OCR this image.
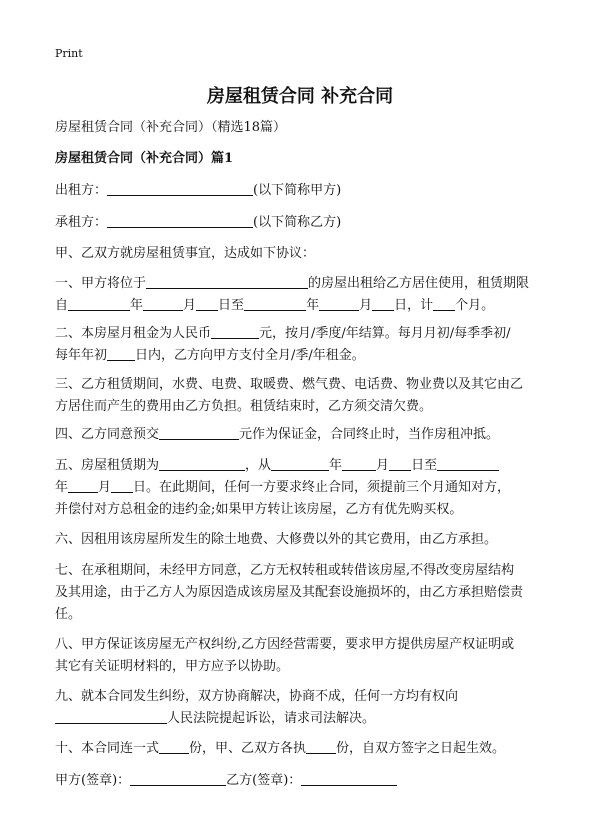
Print
房屋租赁合同 补充合同
房屋租赁合同（补充合同）（精选18篇）
房屋租赁合同（补充合同）篇1
出租方：	(以下简称甲方)
承租方：	(以下简称乙方)
甲、乙双方就房屋租赁事宜，达成如下协议：
一、甲方将位于	的房屋出租给乙方居住使用，租赁期限
自	年	月 日至	年	月 日，计 个月。
二、本房屋月租金为人民币	元，按月/季度/年结算。每月月初/每季季初/
每年年初 日内，乙方向甲方支付全月/季/年租金。
三、乙方租赁期间，水费、电费、取暖费、燃气费、电话费、物业费以及其它由乙
方居住而产生的费用由乙方负担。租赁结束时，乙方须交清欠费。
四、乙方同意预交	元作为保证金，合同终止时，当作房租冲抵。
五、房屋租赁期为	，从	年	月 日至
年 月 日。在此期间，任何一方要求终止合同，须提前三个月通知对方，
并偿付对方总租金的违约金;如果甲方转让该房屋，乙方有优先购买权。
六、因租用该房屋所发生的除土地费、大修费以外的其它费用，由乙方承担。
七、在承租期间，未经甲方同意，乙方无权转租或转借该房屋,不得改变房屋结构
及其用途，由于乙方人为原因造成该房屋及其配套设施损坏的，由乙方承担赔偿责
任。
八、甲方保证该房屋无产权纠纷,乙方因经营需要，要求甲方提供房屋产权证明或
其它有关证明材料的，甲方应予以协助。
九、就本合同发生纠纷，双方协商解决，协商不成，任何一方均有权向
人民法院提起诉讼，请求司法解决。
十、本合同连一式 份，甲、乙双方各执 份，自双方签字之日起生效。
甲方(签章)：	乙方(签章)：
